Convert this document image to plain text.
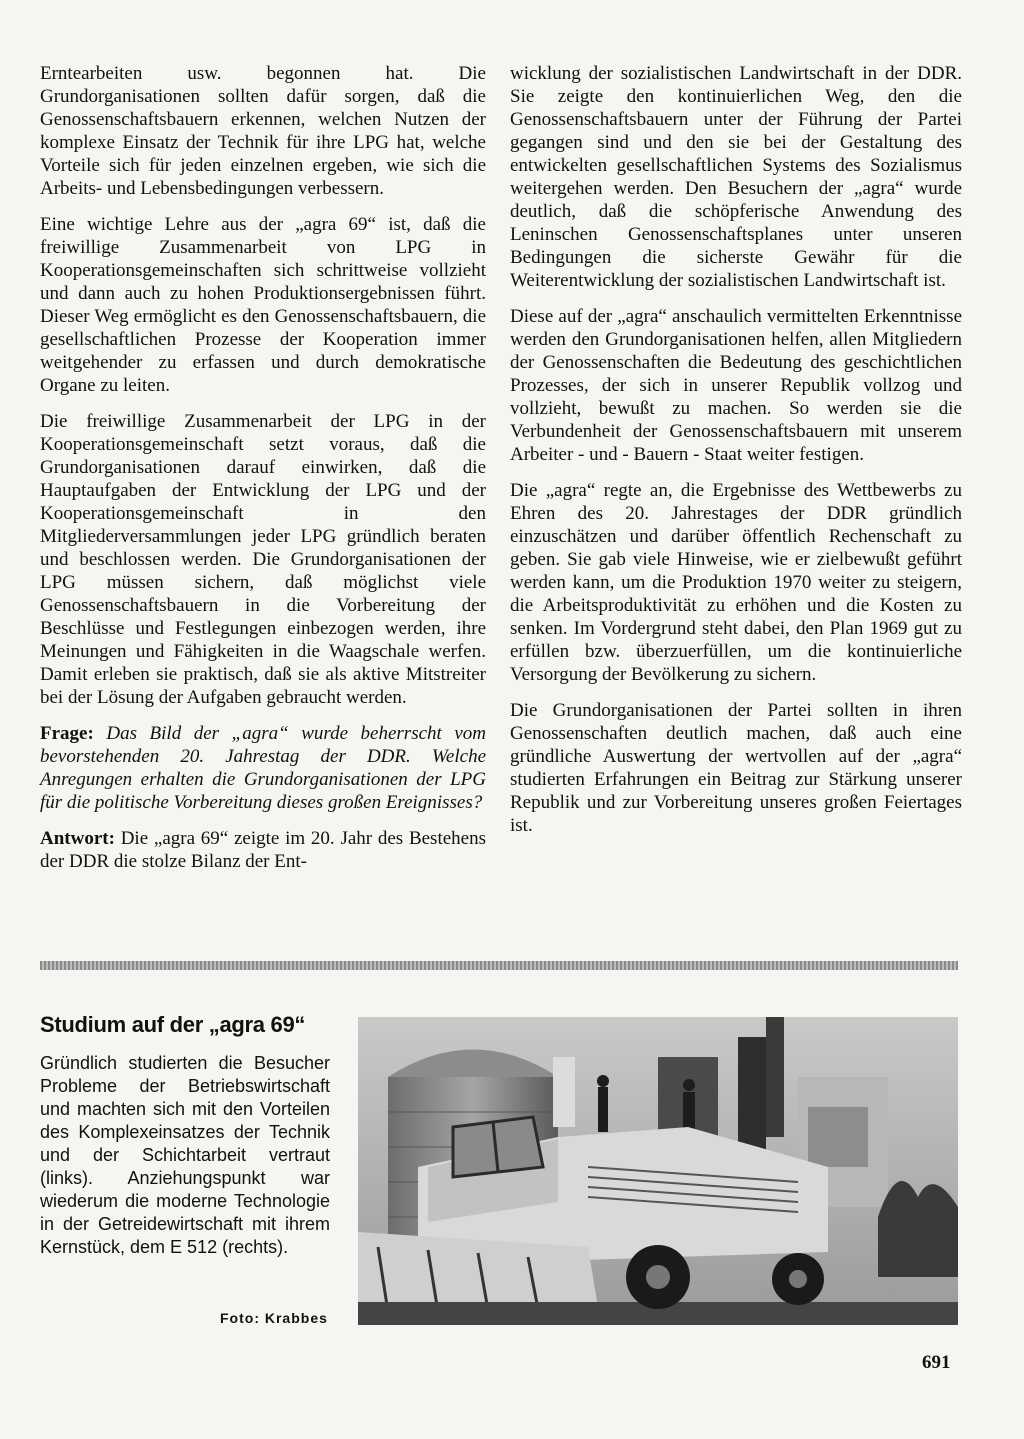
Erntearbeiten usw. begonnen hat. Die Grundorganisationen sollten dafür sorgen, daß die Genossenschaftsbauern erkennen, welchen Nutzen der komplexe Einsatz der Technik für ihre LPG hat, welche Vorteile sich für jeden einzelnen ergeben, wie sich die Arbeits- und Lebensbedingungen verbessern.

Eine wichtige Lehre aus der „agra 69“ ist, daß die freiwillige Zusammenarbeit von LPG in Kooperationsgemeinschaften sich schrittweise vollzieht und dann auch zu hohen Produktionsergebnissen führt. Dieser Weg ermöglicht es den Genossenschaftsbauern, die gesellschaftlichen Prozesse der Kooperation immer weitgehender zu erfassen und durch demokratische Organe zu leiten.

Die freiwillige Zusammenarbeit der LPG in der Kooperationsgemeinschaft setzt voraus, daß die Grundorganisationen darauf einwirken, daß die Hauptaufgaben der Entwicklung der LPG und der Kooperationsgemeinschaft in den Mitgliederversammlungen jeder LPG gründlich beraten und beschlossen werden. Die Grundorganisationen der LPG müssen sichern, daß möglichst viele Genossenschaftsbauern in die Vorbereitung der Beschlüsse und Festlegungen einbezogen werden, ihre Meinungen und Fähigkeiten in die Waagschale werfen. Damit erleben sie praktisch, daß sie als aktive Mitstreiter bei der Lösung der Aufgaben gebraucht werden.

Frage: Das Bild der „agra“ wurde beherrscht vom bevorstehenden 20. Jahrestag der DDR. Welche Anregungen erhalten die Grundorganisationen der LPG für die politische Vorbereitung dieses großen Ereignisses?

Antwort: Die „agra 69“ zeigte im 20. Jahr des Bestehens der DDR die stolze Bilanz der Ent-

wicklung der sozialistischen Landwirtschaft in der DDR. Sie zeigte den kontinuierlichen Weg, den die Genossenschaftsbauern unter der Führung der Partei gegangen sind und den sie bei der Gestaltung des entwickelten gesellschaftlichen Systems des Sozialismus weitergehen werden. Den Besuchern der „agra“ wurde deutlich, daß die schöpferische Anwendung des Leninschen Genossenschaftsplanes unter unseren Bedingungen die sicherste Gewähr für die Weiterentwicklung der sozialistischen Landwirtschaft ist.

Diese auf der „agra“ anschaulich vermittelten Erkenntnisse werden den Grundorganisationen helfen, allen Mitgliedern der Genossenschaften die Bedeutung des geschichtlichen Prozesses, der sich in unserer Republik vollzog und vollzieht, bewußt zu machen. So werden sie die Verbundenheit der Genossenschaftsbauern mit unserem Arbeiter - und - Bauern - Staat weiter festigen.

Die „agra“ regte an, die Ergebnisse des Wettbewerbs zu Ehren des 20. Jahrestages der DDR gründlich einzuschätzen und darüber öffentlich Rechenschaft zu geben. Sie gab viele Hinweise, wie er zielbewußt geführt werden kann, um die Produktion 1970 weiter zu steigern, die Arbeitsproduktivität zu erhöhen und die Kosten zu senken. Im Vordergrund steht dabei, den Plan 1969 gut zu erfüllen bzw. überzuerfüllen, um die kontinuierliche Versorgung der Bevölkerung zu sichern.

Die Grundorganisationen der Partei sollten in ihren Genossenschaften deutlich machen, daß auch eine gründliche Auswertung der wertvollen auf der „agra“ studierten Erfahrungen ein Beitrag zur Stärkung unserer Republik und zur Vorbereitung unseres großen Feiertages ist.

Studium auf der „agra 69“

Gründlich studierten die Besucher Probleme der Betriebswirtschaft und machten sich mit den Vorteilen des Komplexeinsatzes der Technik und der Schichtarbeit vertraut (links). Anziehungspunkt war wiederum die moderne Technologie in der Getreidewirtschaft mit ihrem Kernstück, dem E 512 (rechts).

Foto: Krabbes
691
